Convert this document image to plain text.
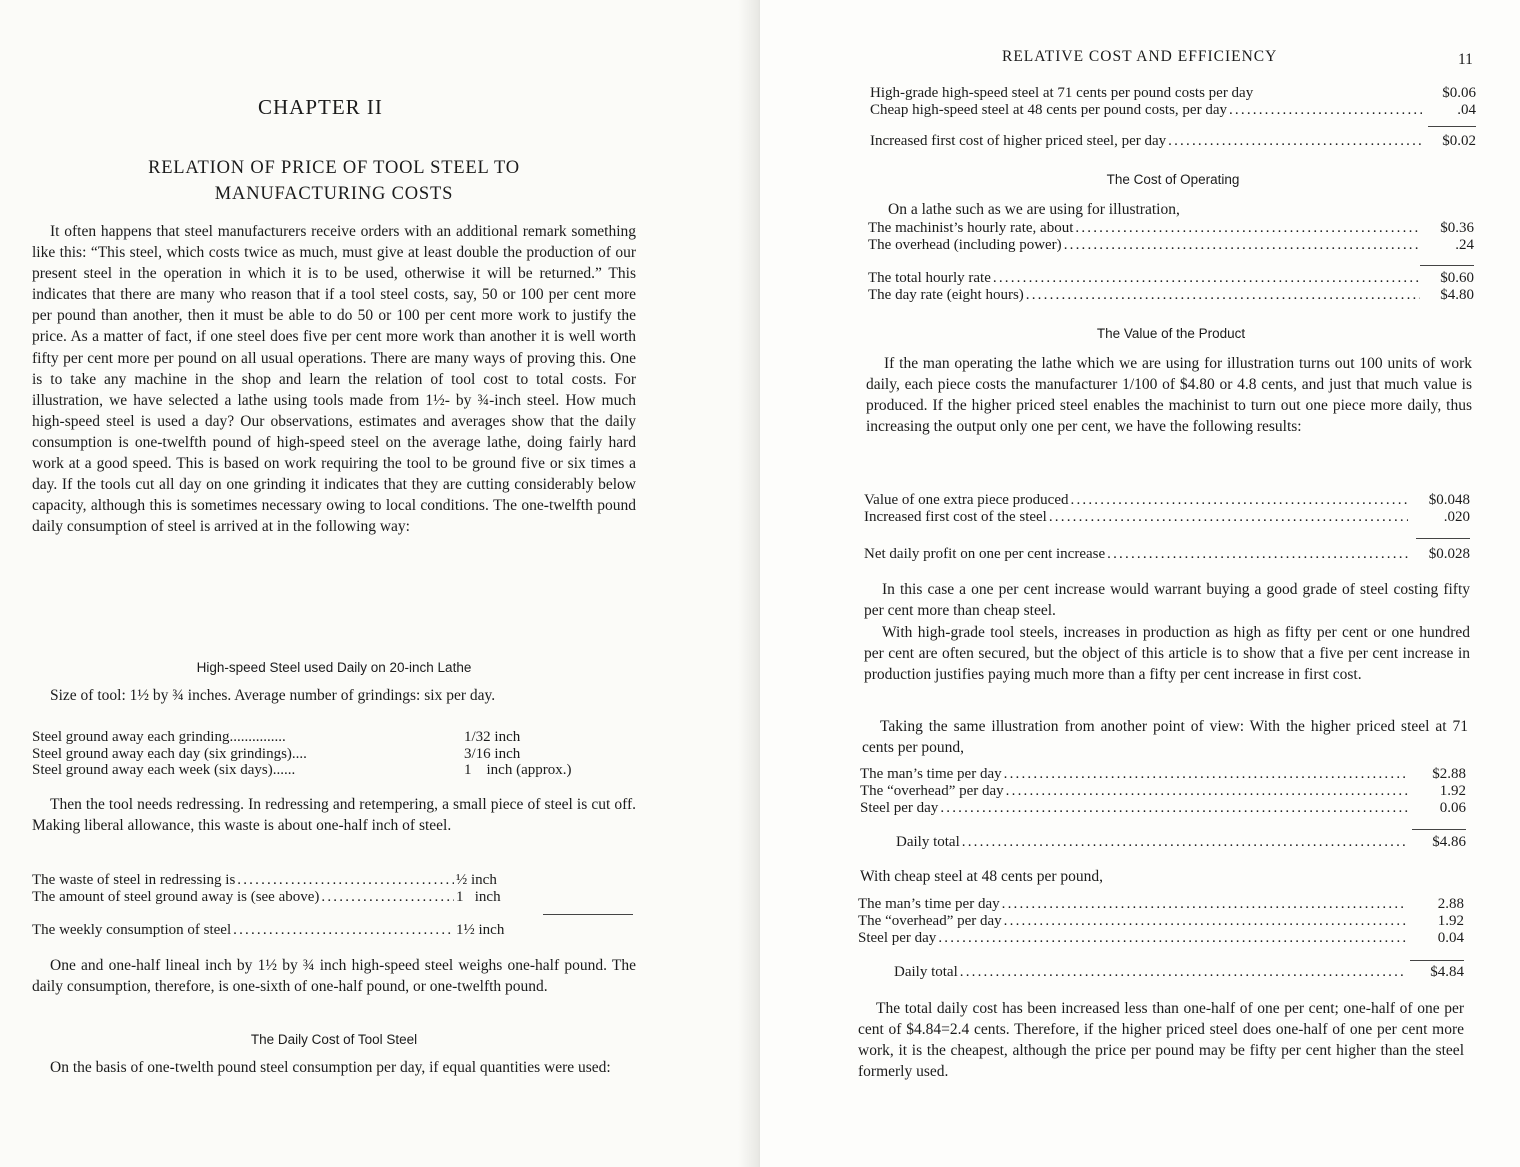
CHAPTER II
RELATION OF PRICE OF TOOL STEEL TO
MANUFACTURING COSTS
It often happens that steel manufacturers receive orders with an additional remark something like this: “This steel, which costs twice as much, must give at least double the production of our present steel in the operation in which it is to be used, otherwise it will be returned.” This indicates that there are many who reason that if a tool steel costs, say, 50 or 100 per cent more per pound than another, then it must be able to do 50 or 100 per cent more work to justify the price. As a matter of fact, if one steel does five per cent more work than another it is well worth fifty per cent more per pound on all usual operations. There are many ways of proving this. One is to take any machine in the shop and learn the relation of tool cost to total costs. For illustration, we have selected a lathe using tools made from 1½- by ¾-inch steel. How much high-speed steel is used a day? Our observations, estimates and averages show that the daily consumption is one-twelfth pound of high-speed steel on the average lathe, doing fairly hard work at a good speed. This is based on work requiring the tool to be ground five or six times a day. If the tools cut all day on one grinding it indicates that they are cutting considerably below capacity, although this is sometimes necessary owing to local conditions. The one-twelfth pound daily consumption of steel is arrived at in the following way:
High-speed Steel used Daily on 20-inch Lathe
Size of tool: 1½ by ¾ inches. Average number of grindings: six per day.
Steel ground away each grinding...............	1/32 inch
Steel ground away each day (six grindings)....	3/16 inch
Steel ground away each week (six days)......	1    inch (approx.)
Then the tool needs redressing. In redressing and retempering, a small piece of steel is cut off. Making liberal allowance, this waste is about one-half inch of steel.
The waste of steel in redressing is .....	½ inch
The amount of steel ground away is (see above) .....	1   inch
The weekly consumption of steel .....	1½ inch
One and one-half lineal inch by 1½ by ¾ inch high-speed steel weighs one-half pound. The daily consumption, therefore, is one-sixth of one-half pound, or one-twelfth pound.
The Daily Cost of Tool Steel
On the basis of one-twelth pound steel consumption per day, if equal quantities were used:
RELATIVE COST AND EFFICIENCY	11
High-grade high-speed steel at 71 cents per pound costs per day	$0.06
Cheap high-speed steel at 48 cents per pound costs, per day .....	.04
Increased first cost of higher priced steel, per day .....	$0.02
The Cost of Operating
On a lathe such as we are using for illustration,
The machinist’s hourly rate, about .....	$0.36
The overhead (including power) .....	.24
The total hourly rate .....	$0.60
The day rate (eight hours) .....	$4.80
The Value of the Product
If the man operating the lathe which we are using for illustration turns out 100 units of work daily, each piece costs the manufacturer 1/100 of $4.80 or 4.8 cents, and just that much value is produced. If the higher priced steel enables the machinist to turn out one piece more daily, thus increasing the output only one per cent, we have the following results:
Value of one extra piece produced .....	$0.048
Increased first cost of the steel .....	.020
Net daily profit on one per cent increase .....	$0.028
In this case a one per cent increase would warrant buying a good grade of steel costing fifty per cent more than cheap steel.
With high-grade tool steels, increases in production as high as fifty per cent or one hundred per cent are often secured, but the object of this article is to show that a five per cent increase in production justifies paying much more than a fifty per cent increase in first cost.
Taking the same illustration from another point of view: With the higher priced steel at 71 cents per pound,
The man’s time per day .....	$2.88
The “overhead” per day .....	1.92
Steel per day .....	0.06
Daily total .....	$4.86
With cheap steel at 48 cents per pound,
The man’s time per day .....	2.88
The “overhead” per day .....	1.92
Steel per day .....	0.04
Daily total .....	$4.84
The total daily cost has been increased less than one-half of one per cent; one-half of one per cent of $4.84=2.4 cents. Therefore, if the higher priced steel does one-half of one per cent more work, it is the cheapest, although the price per pound may be fifty per cent higher than the steel formerly used.
